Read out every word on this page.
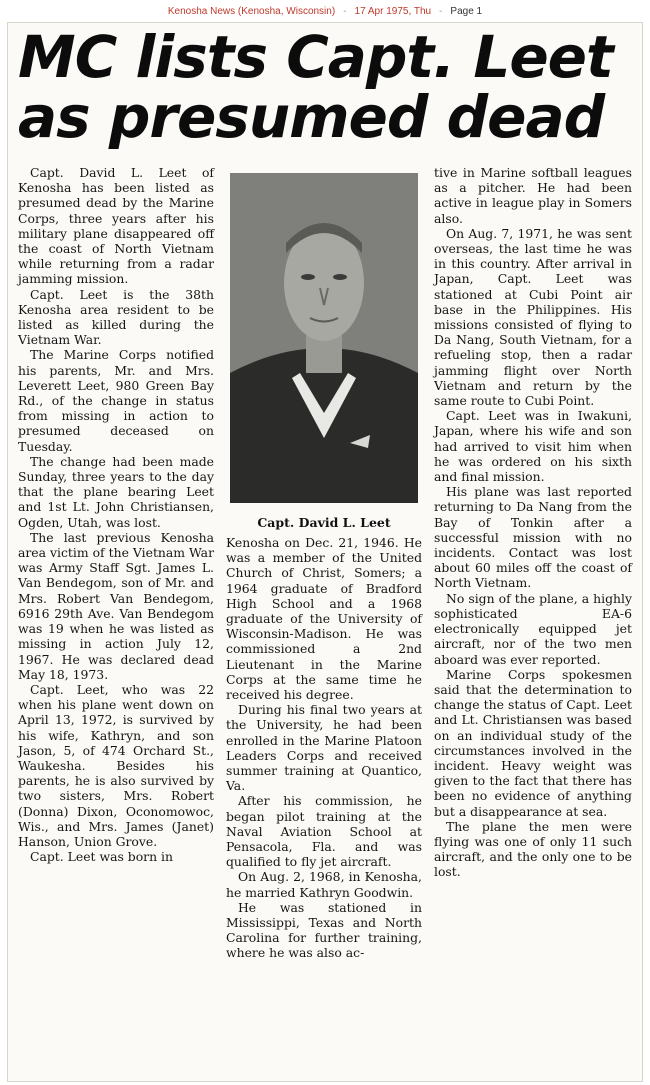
Kenosha News (Kenosha, Wisconsin) - 17 Apr 1975, Thu - Page 1
MC lists Capt. Leet
as presumed dead

Capt. David L. Leet of Kenosha has been listed as presumed dead by the Marine Corps, three years after his military plane disappeared off the coast of North Vietnam while returning from a radar jamming mission.

Capt. Leet is the 38th Kenosha area resident to be listed as killed during the Vietnam War.

The Marine Corps notified his parents, Mr. and Mrs. Leverett Leet, 980 Green Bay Rd., of the change in status from missing in action to presumed deceased on Tuesday.

The change had been made Sunday, three years to the day that the plane bearing Leet and 1st Lt. John Christiansen, Ogden, Utah, was lost.

The last previous Kenosha area victim of the Vietnam War was Army Staff Sgt. James L. Van Bendegom, son of Mr. and Mrs. Robert Van Bendegom, 6916 29th Ave. Van Bendegom was 19 when he was listed as missing in action July 12, 1967. He was declared dead May 18, 1973.

Capt. Leet, who was 22 when his plane went down on April 13, 1972, is survived by his wife, Kathryn, and son Jason, 5, of 474 Orchard St., Waukesha. Besides his parents, he is also survived by two sisters, Mrs. Robert (Donna) Dixon, Oconomowoc, Wis., and Mrs. James (Janet) Hanson, Union Grove.

Capt. Leet was born in

Capt. David L. Leet

Kenosha on Dec. 21, 1946. He was a member of the United Church of Christ, Somers; a 1964 graduate of Bradford High School and a 1968 graduate of the University of Wisconsin-Madison. He was commissioned a 2nd Lieutenant in the Marine Corps at the same time he received his degree.

During his final two years at the University, he had been enrolled in the Marine Platoon Leaders Corps and received summer training at Quantico, Va.

After his commission, he began pilot training at the Naval Aviation School at Pensacola, Fla. and was qualified to fly jet aircraft.

On Aug. 2, 1968, in Kenosha, he married Kathryn Goodwin.

He was stationed in Mississippi, Texas and North Carolina for further training, where he was also ac-

tive in Marine softball leagues as a pitcher. He had been active in league play in Somers also.

On Aug. 7, 1971, he was sent overseas, the last time he was in this country. After arrival in Japan, Capt. Leet was stationed at Cubi Point air base in the Philippines. His missions consisted of flying to Da Nang, South Vietnam, for a refueling stop, then a radar jamming flight over North Vietnam and return by the same route to Cubi Point.

Capt. Leet was in Iwakuni, Japan, where his wife and son had arrived to visit him when he was ordered on his sixth and final mission.

His plane was last reported returning to Da Nang from the Bay of Tonkin after a successful mission with no incidents. Contact was lost about 60 miles off the coast of North Vietnam.

No sign of the plane, a highly sophisticated EA-6 electronically equipped jet aircraft, nor of the two men aboard was ever reported.

Marine Corps spokesmen said that the determination to change the status of Capt. Leet and Lt. Christiansen was based on an individual study of the circumstances involved in the incident. Heavy weight was given to the fact that there has been no evidence of anything but a disappearance at sea.

The plane the men were flying was one of only 11 such aircraft, and the only one to be lost.
